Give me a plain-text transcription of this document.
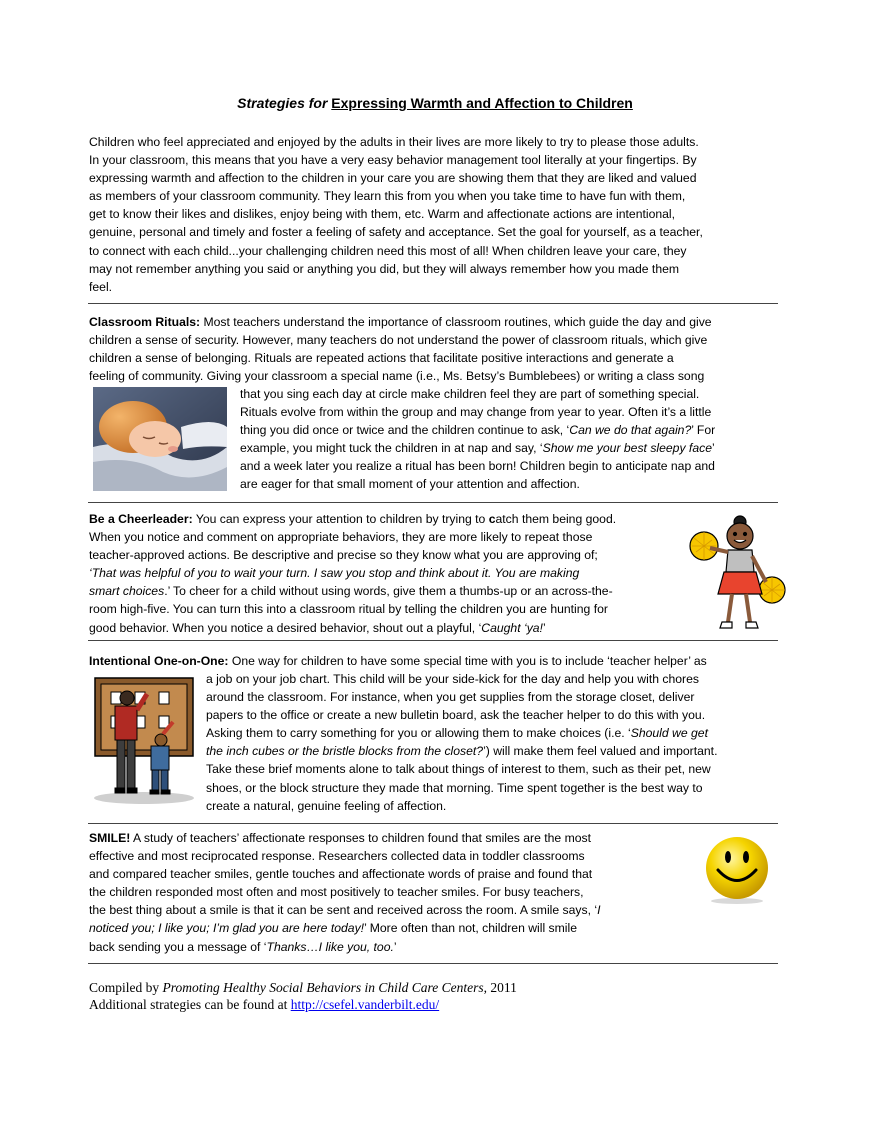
Strategies for Expressing Warmth and Affection to Children

Children who feel appreciated and enjoyed by the adults in their lives are more likely to try to please those adults.

In your classroom, this means that you have a very easy behavior management tool literally at your fingertips. By

expressing warmth and affection to the children in your care you are showing them that they are liked and valued

as members of your classroom community. They learn this from you when you take time to have fun with them,

get to know their likes and dislikes, enjoy being with them, etc. Warm and affectionate actions are intentional,

genuine, personal and timely and foster a feeling of safety and acceptance. Set the goal for yourself, as a teacher,

to connect with each child...your challenging children need this most of all! When children leave your care, they

may not remember anything you said or anything you did, but they will always remember how you made them

feel.

Classroom Rituals: Most teachers understand the importance of classroom routines, which guide the day and give
children a sense of security. However, many teachers do not understand the power of classroom rituals, which give
children a sense of belonging. Rituals are repeated actions that facilitate positive interactions and generate a
feeling of community. Giving your classroom a special name (i.e., Ms. Betsy’s Bumblebees) or writing a class song
that you sing each day at circle make children feel they are part of something special.
Rituals evolve from within the group and may change from year to year. Often it’s a little
thing you did once or twice and the children continue to ask, ‘Can we do that again?’ For
example, you might tuck the children in at nap and say, ‘Show me your best sleepy face’
and a week later you realize a ritual has been born! Children begin to anticipate nap and
are eager for that small moment of your attention and affection.
Be a Cheerleader: You can express your attention to children by trying to catch them being good.
When you notice and comment on appropriate behaviors, they are more likely to repeat those
teacher-approved actions. Be descriptive and precise so they know what you are approving of;
‘That was helpful of you to wait your turn. I saw you stop and think about it. You are making
smart choices.’ To cheer for a child without using words, give them a thumbs-up or an across-the-
room high-five. You can turn this into a classroom ritual by telling the children you are hunting for
good behavior. When you notice a desired behavior, shout out a playful, ‘Caught ‘ya!’
Intentional One-on-One: One way for children to have some special time with you is to include ‘teacher helper’ as
a job on your job chart. This child will be your side-kick for the day and help you with chores
around the classroom. For instance, when you get supplies from the storage closet, deliver
papers to the office or create a new bulletin board, ask the teacher helper to do this with you.
Asking them to carry something for you or allowing them to make choices (i.e. ‘Should we get
the inch cubes or the bristle blocks from the closet?’) will make them feel valued and important.
Take these brief moments alone to talk about things of interest to them, such as their pet, new
shoes, or the block structure they made that morning. Time spent together is the best way to
create a natural, genuine feeling of affection.
SMILE! A study of teachers’ affectionate responses to children found that smiles are the most
effective and most reciprocated response. Researchers collected data in toddler classrooms
and compared teacher smiles, gentle touches and affectionate words of praise and found that
the children responded most often and most positively to teacher smiles. For busy teachers,
the best thing about a smile is that it can be sent and received across the room. A smile says, ‘I
noticed you; I like you; I’m glad you are here today!’ More often than not, children will smile
back sending you a message of ‘Thanks…I like you, too.’
Compiled by Promoting Healthy Social Behaviors in Child Care Centers, 2011
Additional strategies can be found at http://csefel.vanderbilt.edu/
